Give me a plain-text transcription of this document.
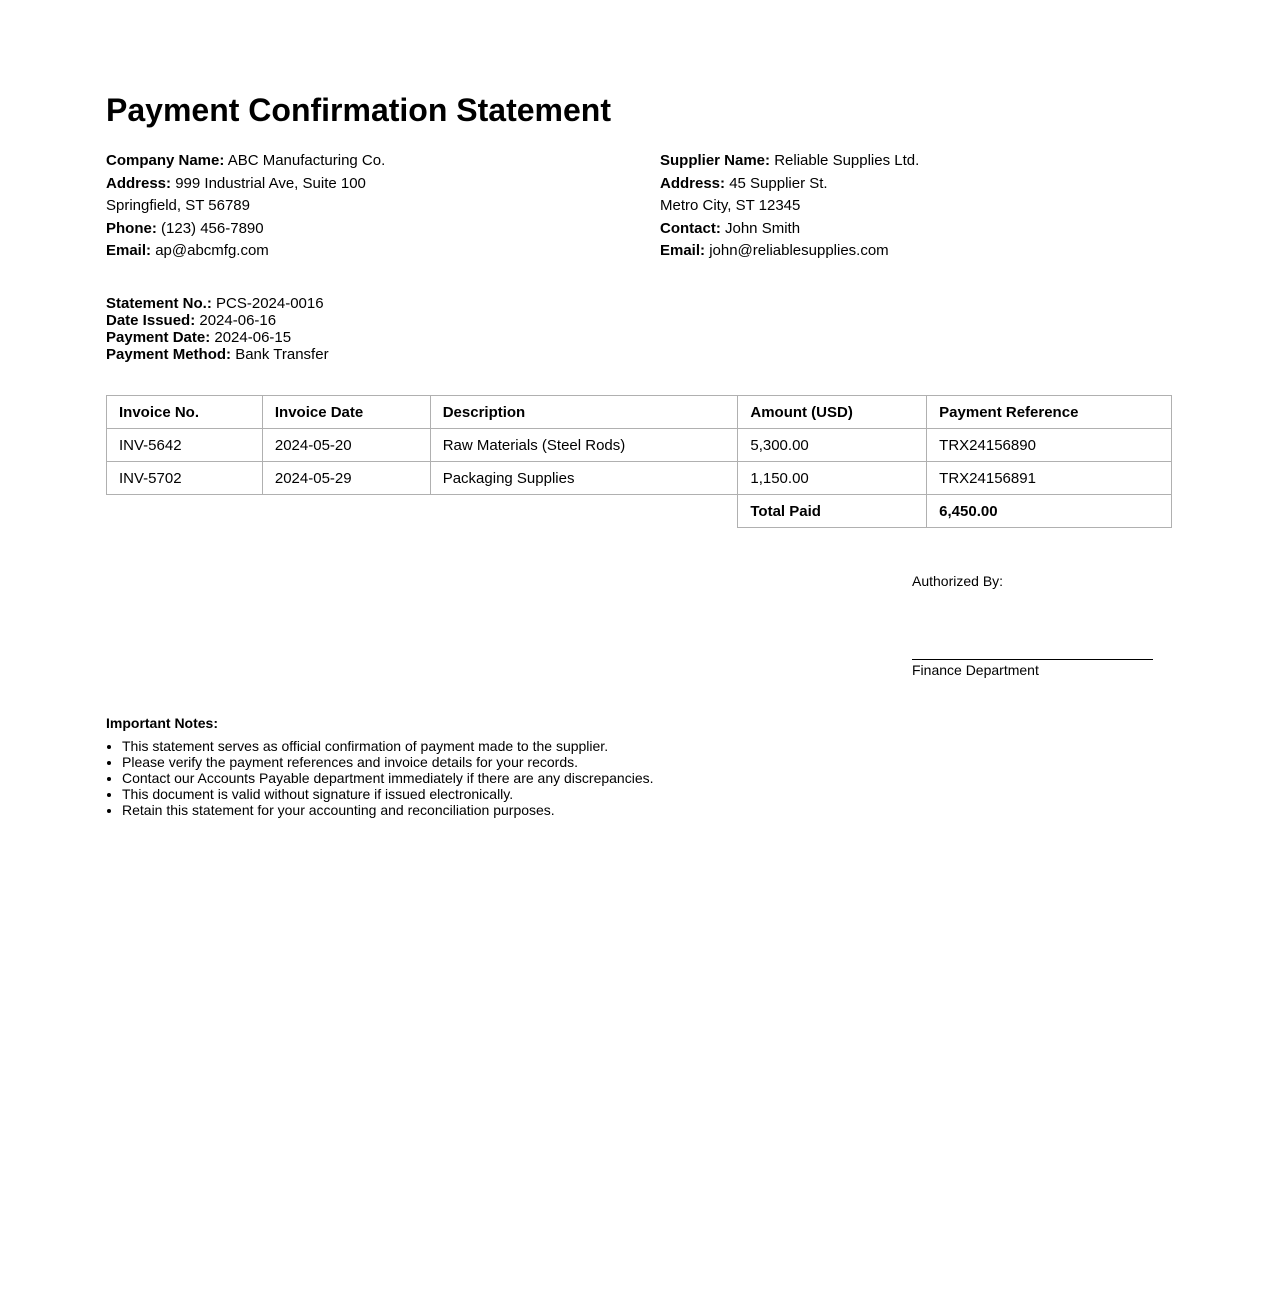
Payment Confirmation Statement
Company Name: ABC Manufacturing Co.
Address: 999 Industrial Ave, Suite 100
Springfield, ST 56789
Phone: (123) 456-7890
Email: ap@abcmfg.com
Supplier Name: Reliable Supplies Ltd.
Address: 45 Supplier St.
Metro City, ST 12345
Contact: John Smith
Email: john@reliablesupplies.com
Statement No.: PCS-2024-0016
Date Issued: 2024-06-16
Payment Date: 2024-06-15
Payment Method: Bank Transfer
Invoice No.	Invoice Date	Description	Amount (USD)	Payment Reference
INV-5642	2024-05-20	Raw Materials (Steel Rods)	5,300.00	TRX24156890
INV-5702	2024-05-29	Packaging Supplies	1,150.00	TRX24156891
			Total Paid	6,450.00
Authorized By:
Finance Department
Important Notes:
• This statement serves as official confirmation of payment made to the supplier.
• Please verify the payment references and invoice details for your records.
• Contact our Accounts Payable department immediately if there are any discrepancies.
• This document is valid without signature if issued electronically.
• Retain this statement for your accounting and reconciliation purposes.
